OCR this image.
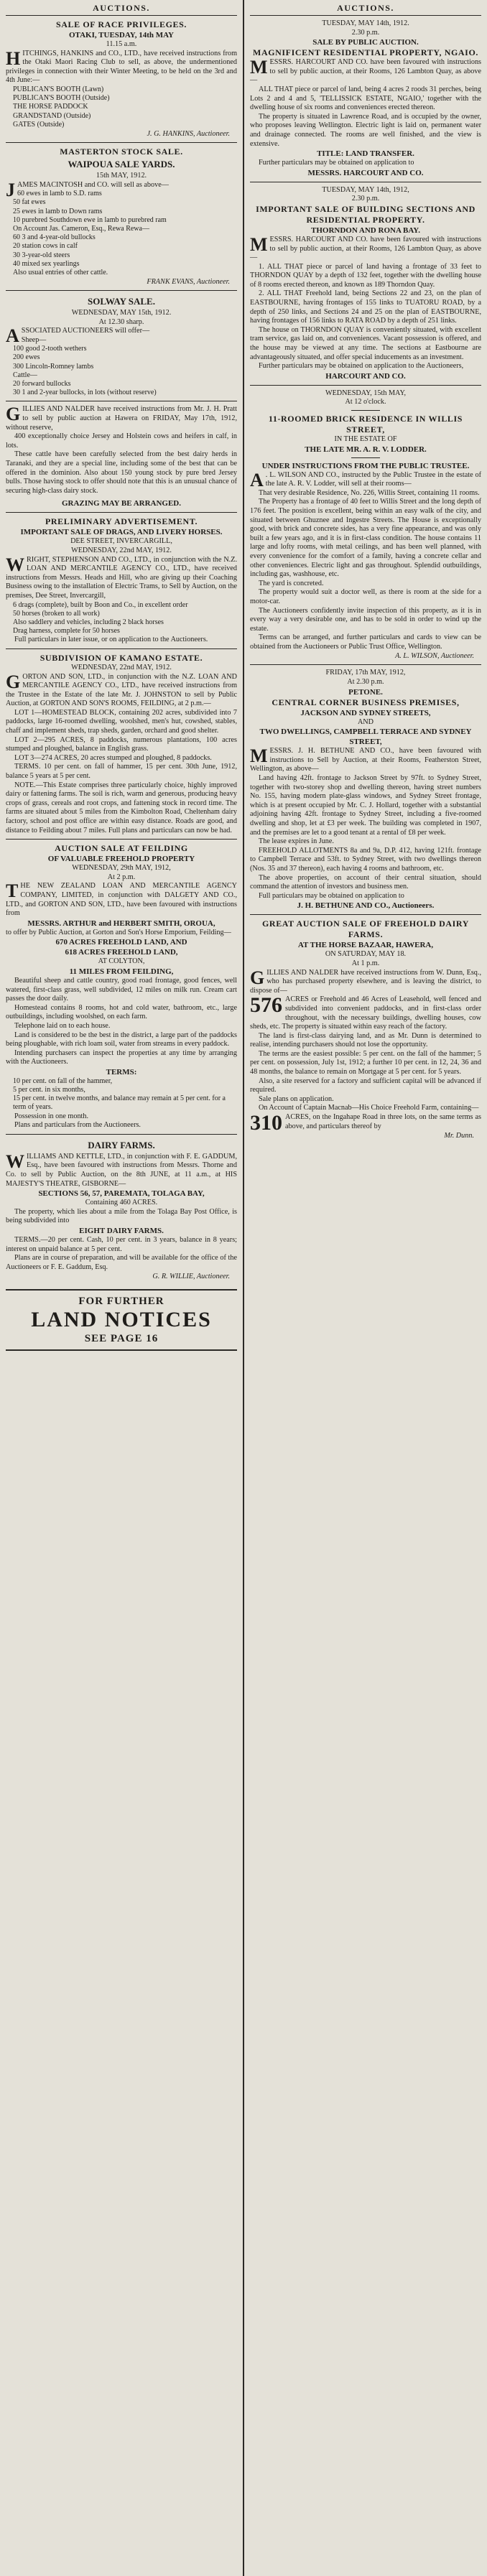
AUCTIONS.
SALE OF RACE PRIVILEGES.
OTAKI, TUESDAY, 14th MAY
11.15 a.m.
HITCHINGS, HANKINS and CO., LTD., have received instructions from the Otaki Maori Racing Club to sell, as above, the undermentioned privileges in connection with their Winter Meeting, to be held on the 3rd and 4th June:—
PUBLICAN'S BOOTH (Lawn)
PUBLICAN'S BOOTH (Outside)
THE HORSE PADDOCK
GRANDSTAND (Outside)
GATES (Outside)
J. G. HANKINS, Auctioneer.
MASTERTON STOCK SALE.
WAIPOUA SALE YARDS.
15th MAY, 1912.
JAMES MACINTOSH and CO. will sell as above—
60 ewes in lamb to S.D. rams
50 fat ewes
25 ewes in lamb to Down rams
10 purebred Southdown ewe in lamb to purebred ram
On Account Jas. Cameron, Esq., Rewa Rewa—
60 3 and 4-year-old bullocks
20 station cows in calf
30 3-year-old steers
40 mixed sex yearlings
Also usual entries of other cattle.
FRANK EVANS, Auctioneer.
SOLWAY SALE.
WEDNESDAY, MAY 15th, 1912.
At 12.30 sharp.
ASSOCIATED AUCTIONEERS will offer—
Sheep—
100 good 2-tooth wethers
200 ewes
300 Lincoln-Romney lambs
Cattle—
20 forward bullocks
30 1 and 2-year bullocks, in lots (without reserve)
GILLIES AND NALDER have received instructions from Mr. J. H. Pratt to sell by public auction at Hawera on FRIDAY, May 17th, 1912, without reserve,
400 exceptionally choice Jersey and Holstein cows and heifers in calf, in lots.
These cattle have been carefully selected from the best dairy herds in Taranaki, and they are a special line, including some of the best that can be offered in the dominion. Also about 150 young stock by pure bred Jersey bulls. Those having stock to offer should note that this is an unusual chance of securing high-class dairy stock.
GRAZING MAY BE ARRANGED.
PRELIMINARY ADVERTISEMENT.
IMPORTANT SALE OF DRAGS, AND LIVERY HORSES.
DEE STREET, INVERCARGILL,
WEDNESDAY, 22nd MAY, 1912.
WRIGHT, STEPHENSON AND CO., LTD., in conjunction with the N.Z. LOAN AND MERCANTILE AGENCY CO., LTD., have received instructions from Messrs. Heads and Hill, who are giving up their Coaching Business owing to the installation of Electric Trams, to Sell by Auction, on the premises, Dee Street, Invercargill,
6 drags (complete), built by Boon and Co., in excellent order
50 horses (broken to all work)
Also saddlery and vehicles, including 2 black horses
Drag harness, complete for 50 horses
Full particulars in later issue, or on application to the Auctioneers.
SUBDIVISION OF KAMANO ESTATE.
WEDNESDAY, 22nd MAY, 1912.
GORTON AND SON, LTD., in conjunction with the N.Z. LOAN AND MERCANTILE AGENCY CO., LTD., have received instructions from the Trustee in the Estate of the late Mr. J. JOHNSTON to sell by Public Auction, at GORTON AND SON'S ROOMS, FEILDING, at 2 p.m.—
LOT 1—HOMESTEAD BLOCK, containing 202 acres, subdivided into 7 paddocks, large 16-roomed dwelling, woolshed, men's hut, cowshed, stables, chaff and implement sheds, trap sheds, garden, orchard and good shelter.
LOT 2—295 ACRES, 8 paddocks, numerous plantations, 100 acres stumped and ploughed, balance in English grass.
LOT 3—274 ACRES, 20 acres stumped and ploughed, 8 paddocks.
TERMS. 10 per cent. on fall of hammer, 15 per cent. 30th June, 1912, balance 5 years at 5 per cent.
NOTE.—This Estate comprises three particularly choice, highly improved dairy or fattening farms. The soil is rich, warm and generous, producing heavy crops of grass, cereals and root crops, and fattening stock in record time. The farms are situated about 5 miles from the Kimbolton Road, Cheltenham dairy factory, school and post office are within easy distance. Roads are good, and distance to Feilding about 7 miles. Full plans and particulars can now be had.
AUCTION SALE AT FEILDING
OF VALUABLE FREEHOLD PROPERTY
WEDNESDAY, 29th MAY, 1912,
At 2 p.m.
THE NEW ZEALAND LOAN AND MERCANTILE AGENCY COMPANY, LIMITED, in conjunction with DALGETY AND CO., LTD., and GORTON AND SON, LTD., have been favoured with instructions from
MESSRS. ARTHUR and HERBERT SMITH, OROUA,
to offer by Public Auction, at Gorton and Son's Horse Emporium, Feilding—
670 ACRES FREEHOLD LAND, AND
618 ACRES FREEHOLD LAND,
AT COLYTON,
11 MILES FROM FEILDING,
Beautiful sheep and cattle country, good road frontage, good fences, well watered, first-class grass, well subdivided, 12 miles on milk run. Cream cart passes the door daily.
Homestead contains 8 rooms, hot and cold water, bathroom, etc., large outbuildings, including woolshed, on each farm.
Telephone laid on to each house.
Land is considered to be the best in the district, a large part of the paddocks being ploughable, with rich loam soil, water from streams in every paddock.
Intending purchasers can inspect the properties at any time by arranging with the Auctioneers.
TERMS:
10 per cent. on fall of the hammer,
5 per cent. in six months,
15 per cent. in twelve months, and balance may remain at 5 per cent. for a term of years.
Possession in one month.
Plans and particulars from the Auctioneers.
DAIRY FARMS.
WILLIAMS AND KETTLE, LTD., in conjunction with F. E. GADDUM, Esq., have been favoured with instructions from Messrs. Thorne and Co. to sell by Public Auction, on the 8th JUNE, at 11 a.m., at HIS MAJESTY'S THEATRE, GISBORNE—
SECTIONS 56, 57, PAREMATA, TOLAGA BAY,
Containing 460 ACRES.
The property, which lies about a mile from the Tolaga Bay Post Office, is being subdivided into
EIGHT DAIRY FARMS.
TERMS.—20 per cent. Cash, 10 per cent. in 3 years, balance in 8 years; interest on unpaid balance at 5 per cent.
Plans are in course of preparation, and will be available for the office of the Auctioneers or F. E. Gaddum, Esq.
G. R. WILLIE, Auctioneer.
FOR FURTHER
LAND NOTICES
SEE PAGE 16
AUCTIONS.
TUESDAY, MAY 14th, 1912.
2.30 p.m.
SALE BY PUBLIC AUCTION.
MAGNIFICENT RESIDENTIAL PROPERTY, NGAIO.
MESSRS. HARCOURT AND CO. have been favoured with instructions to sell by public auction, at their Rooms, 126 Lambton Quay, as above—
ALL THAT piece or parcel of land, being 4 acres 2 roods 31 perches, being Lots 2 and 4 and 5, 'TELLISSICK ESTATE, NGAIO,' together with the dwelling house of six rooms and conveniences erected thereon.
The property is situated in Lawrence Road, and is occupied by the owner, who proposes leaving Wellington. Electric light is laid on, permanent water and drainage connected. The rooms are well finished, and the view is extensive.
TITLE: LAND TRANSFER.
Further particulars may be obtained on application to
MESSRS. HARCOURT AND CO.
TUESDAY, MAY 14th, 1912,
2.30 p.m.
IMPORTANT SALE OF BUILDING SECTIONS AND RESIDENTIAL PROPERTY.
THORNDON AND RONA BAY.
MESSRS. HARCOURT AND CO. have been favoured with instructions to sell by public auction, at their Rooms, 126 Lambton Quay, as above—
1. ALL THAT piece or parcel of land having a frontage of 33 feet to THORNDON QUAY by a depth of 132 feet, together with the dwelling house of 8 rooms erected thereon, and known as 189 Thorndon Quay.
2. ALL THAT Freehold land, being Sections 22 and 23, on the plan of EASTBOURNE, having frontages of 155 links to TUATORU ROAD, by a depth of 250 links, and Sections 24 and 25 on the plan of EASTBOURNE, having frontages of 156 links to RATA ROAD by a depth of 251 links.
The house on THORNDON QUAY is conveniently situated, with excellent tram service, gas laid on, and conveniences. Vacant possession is offered, and the house may be viewed at any time. The sections at Eastbourne are advantageously situated, and offer special inducements as an investment.
Further particulars may be obtained on application to the Auctioneers,
HARCOURT AND CO.
WEDNESDAY, 15th MAY,
At 12 o'clock.
11-ROOMED BRICK RESIDENCE IN WILLIS STREET,
IN THE ESTATE OF
THE LATE MR. A. R. V. LODDER.
UNDER INSTRUCTIONS FROM THE PUBLIC TRUSTEE.
A . L. WILSON AND CO., instructed by the Public Trustee in the estate of the late A. R. V. Lodder, will sell at their rooms—
That very desirable Residence, No. 226, Willis Street, containing 11 rooms.
The Property has a frontage of 40 feet to Willis Street and the long depth of 176 feet. The position is excellent, being within an easy walk of the city, and situated between Ghuznee and Ingestre Streets. The House is exceptionally good, with brick and concrete sides, has a very fine appearance, and was only built a few years ago, and it is in first-class condition. The house contains 11 large and lofty rooms, with metal ceilings, and has been well planned, with every convenience for the comfort of a family, having a concrete cellar and other conveniences. Electric light and gas throughout. Splendid outbuildings, including gas, washhouse, etc.
The yard is concreted.
The property would suit a doctor well, as there is room at the side for a motor-car.
The Auctioneers confidently invite inspection of this property, as it is in every way a very desirable one, and has to be sold in order to wind up the estate.
Terms can be arranged, and further particulars and cards to view can be obtained from the Auctioneers or Public Trust Office, Wellington.
A. L. WILSON, Auctioneer.
FRIDAY, 17th MAY, 1912,
At 2.30 p.m.
PETONE.
CENTRAL CORNER BUSINESS PREMISES,
JACKSON AND SYDNEY STREETS,
AND
TWO DWELLINGS, CAMPBELL TERRACE AND SYDNEY STREET,
MESSRS. J. H. BETHUNE AND CO., have been favoured with instructions to Sell by Auction, at their Rooms, Featherston Street, Wellington, as above—
Land having 42ft. frontage to Jackson Street by 97ft. to Sydney Street, together with two-storey shop and dwelling thereon, having street numbers No. 155, having modern plate-glass windows, and Sydney Street frontage, which is at present occupied by Mr. C. J. Hollard, together with a substantial adjoining having 42ft. frontage to Sydney Street, including a five-roomed dwelling and shop, let at £3 per week. The building was completed in 1907, and the premises are let to a good tenant at a rental of £8 per week.
The lease expires in June.
FREEHOLD ALLOTMENTS 8a and 9a, D.P. 412, having 121ft. frontage to Campbell Terrace and 53ft. to Sydney Street, with two dwellings thereon (Nos. 35 and 37 thereon), each having 4 rooms and bathroom, etc.
The above properties, on account of their central situation, should command the attention of investors and business men.
Full particulars may be obtained on application to
J. H. BETHUNE AND CO., Auctioneers.
GREAT AUCTION SALE OF FREEHOLD DAIRY FARMS.
AT THE HORSE BAZAAR, HAWERA,
ON SATURDAY, MAY 18.
At 1 p.m.
GILLIES AND NALDER have received instructions from W. Dunn, Esq., who has purchased property elsewhere, and is leaving the district, to dispose of—
576 ACRES or Freehold and 46 Acres of Leasehold, well fenced and subdivided into convenient paddocks, and in first-class order throughout, with the necessary buildings, dwelling houses, cow sheds, etc. The property is situated within easy reach of the factory.
The land is first-class dairying land, and as Mr. Dunn is determined to realise, intending purchasers should not lose the opportunity.
The terms are the easiest possible: 5 per cent. on the fall of the hammer; 5 per cent. on possession, July 1st, 1912; a further 10 per cent. in 12, 24, 36 and 48 months, the balance to remain on Mortgage at 5 per cent. for 5 years.
Also, a site reserved for a factory and sufficient capital will be advanced if required.
Sale plans on application.
On Account of Captain Macnab—His Choice Freehold Farm, containing—
310 ACRES, on the Ingahape Road in three lots, on the same terms as above, and particulars thereof by
Mr. Dunn.
